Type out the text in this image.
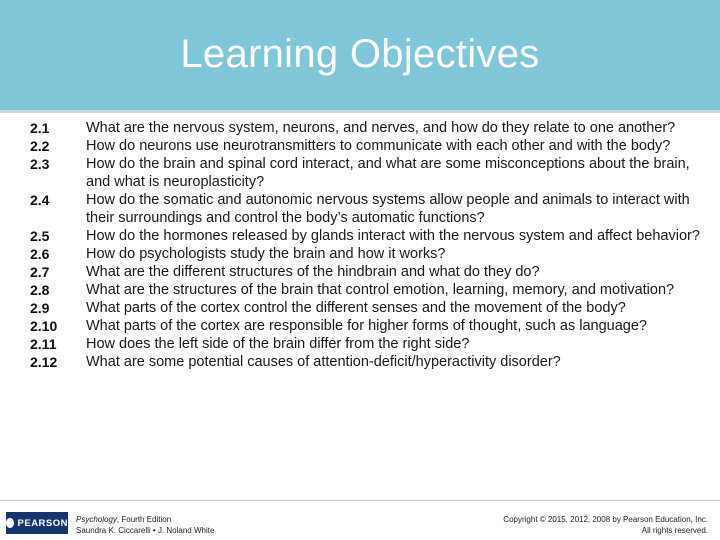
Learning Objectives
2.1	What are the nervous system, neurons, and nerves, and how do they relate to one another?
2.2	How do neurons use neurotransmitters to communicate with each other and with the body?
2.3	How do the brain and spinal cord interact, and what are some misconceptions about the brain, and what is neuroplasticity?
2.4	How do the somatic and autonomic nervous systems allow people and animals to interact with their surroundings and control the body’s automatic functions?
2.5	How do the hormones released by glands interact with the nervous system and affect behavior?
2.6	How do psychologists study the brain and how it works?
2.7	What are the different structures of the hindbrain and what do they do?
2.8	What are the structures of the brain that control emotion, learning, memory, and motivation?
2.9	What parts of the cortex control the different senses and the movement of the body?
2.10	What parts of the cortex are responsible for higher forms of thought, such as language?
2.11	How does the left side of the brain differ from the right side?
2.12	What are some potential causes of attention-deficit/hyperactivity disorder?
PEARSON Psychology, Fourth Edition
Saundra K. Ciccarelli • J. Noland White
Copyright © 2015, 2012, 2008 by Pearson Education, Inc.
All rights reserved.
